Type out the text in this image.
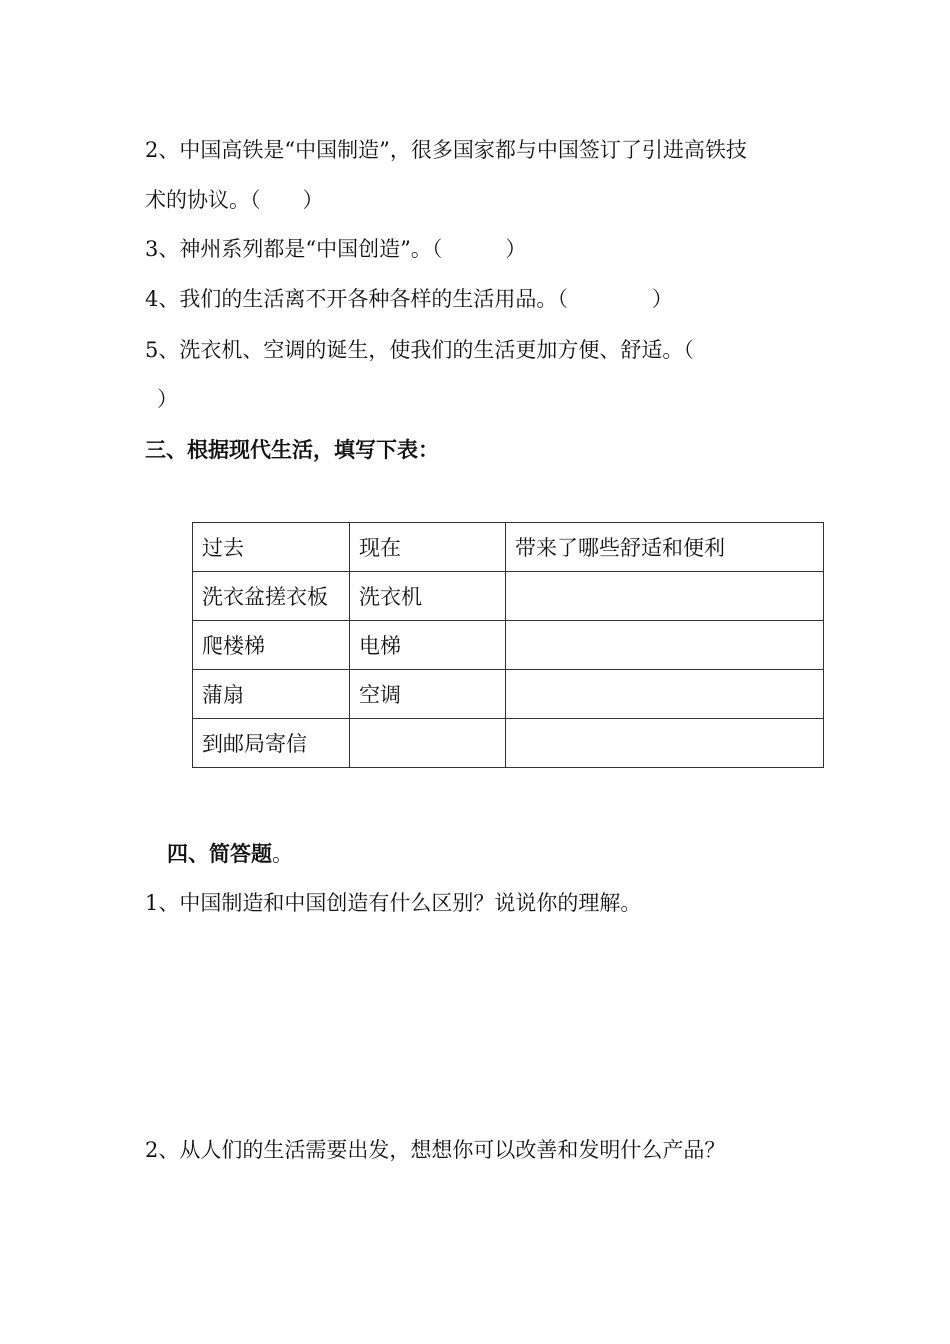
2、中国高铁是“中国制造”，很多国家都与中国签订了引进高铁技
术的协议。（　　）
3、神州系列都是“中国创造”。（　　　）
4、我们的生活离不开各种各样的生活用品。（　　　　）
5、洗衣机、空调的诞生，使我们的生活更加方便、舒适。（
）
三、根据现代生活，填写下表：
过去	现在	带来了哪些舒适和便利
洗衣盆搓衣板	洗衣机	
爬楼梯	电梯	
蒲扇	空调	
到邮局寄信		
四、简答题。
1、中国制造和中国创造有什么区别？说说你的理解。
2、从人们的生活需要出发，想想你可以改善和发明什么产品？
